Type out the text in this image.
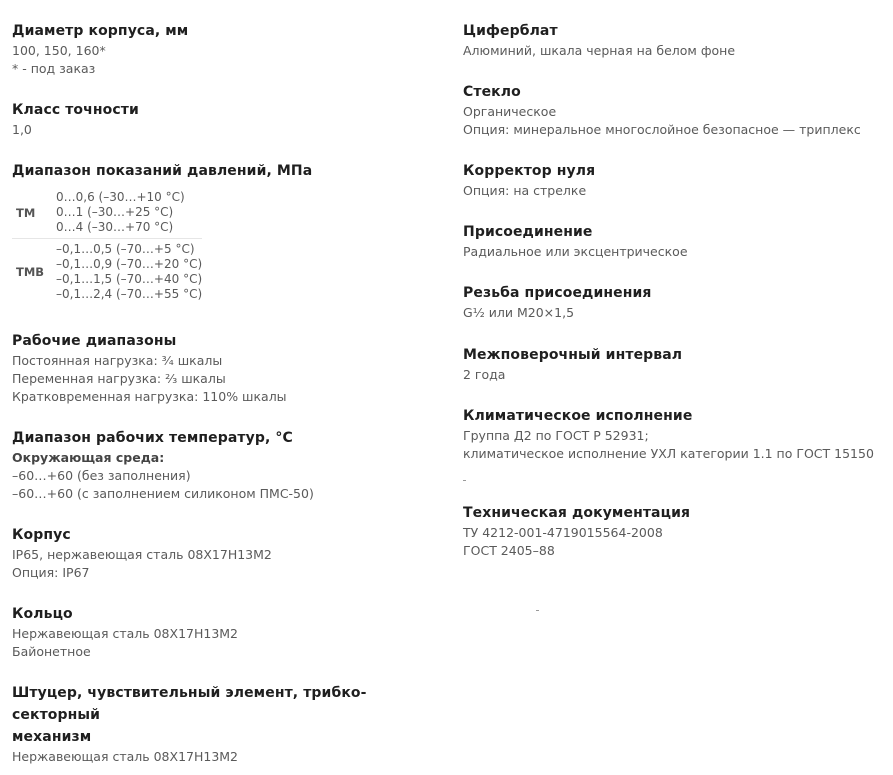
Диаметр корпуса, мм
100, 150, 160*
* - под заказ
Класс точности
1,0
Диапазон показаний давлений, МПа
ТМ	0…0,6 (–30…+10 °C)
0…1 (–30…+25 °C)
0…4 (–30…+70 °C)

ТМВ	–0,1…0,5 (–70…+5 °C)
–0,1…0,9 (–70…+20 °C)
–0,1…1,5 (–70…+40 °C)
–0,1…2,4 (–70…+55 °C)
Рабочие диапазоны
Постоянная нагрузка: ³⁄₄ шкалы
Переменная нагрузка: ²⁄₃ шкалы
Кратковременная нагрузка: 110% шкалы
Диапазон рабочих температур, °C
Окружающая среда:
–60…+60 (без заполнения)
–60…+60 (с заполнением силиконом ПМС-50)
Корпус
IP65, нержавеющая сталь 08Х17Н13М2
Опция: IP67
Кольцо
Нержавеющая сталь 08Х17Н13М2
Байонетное
Штуцер, чувствительный элемент, трибко-секторный
механизм
Нержавеющая сталь 08Х17Н13М2
Циферблат
Алюминий, шкала черная на белом фоне
Стекло
Органическое
Опция: минеральное многослойное безопасное — триплекс
Корректор нуля
Опция: на стрелке
Присоединение
Радиальное или эксцентрическое
Резьба присоединения
G¹⁄₂ или М20×1,5
Межповерочный интервал
2 года
Климатическое исполнение
Группа Д2 по ГОСТ Р 52931;
климатическое исполнение УХЛ категории 1.1 по ГОСТ 15150
Техническая документация
ТУ 4212-001-4719015564-2008
ГОСТ 2405–88
